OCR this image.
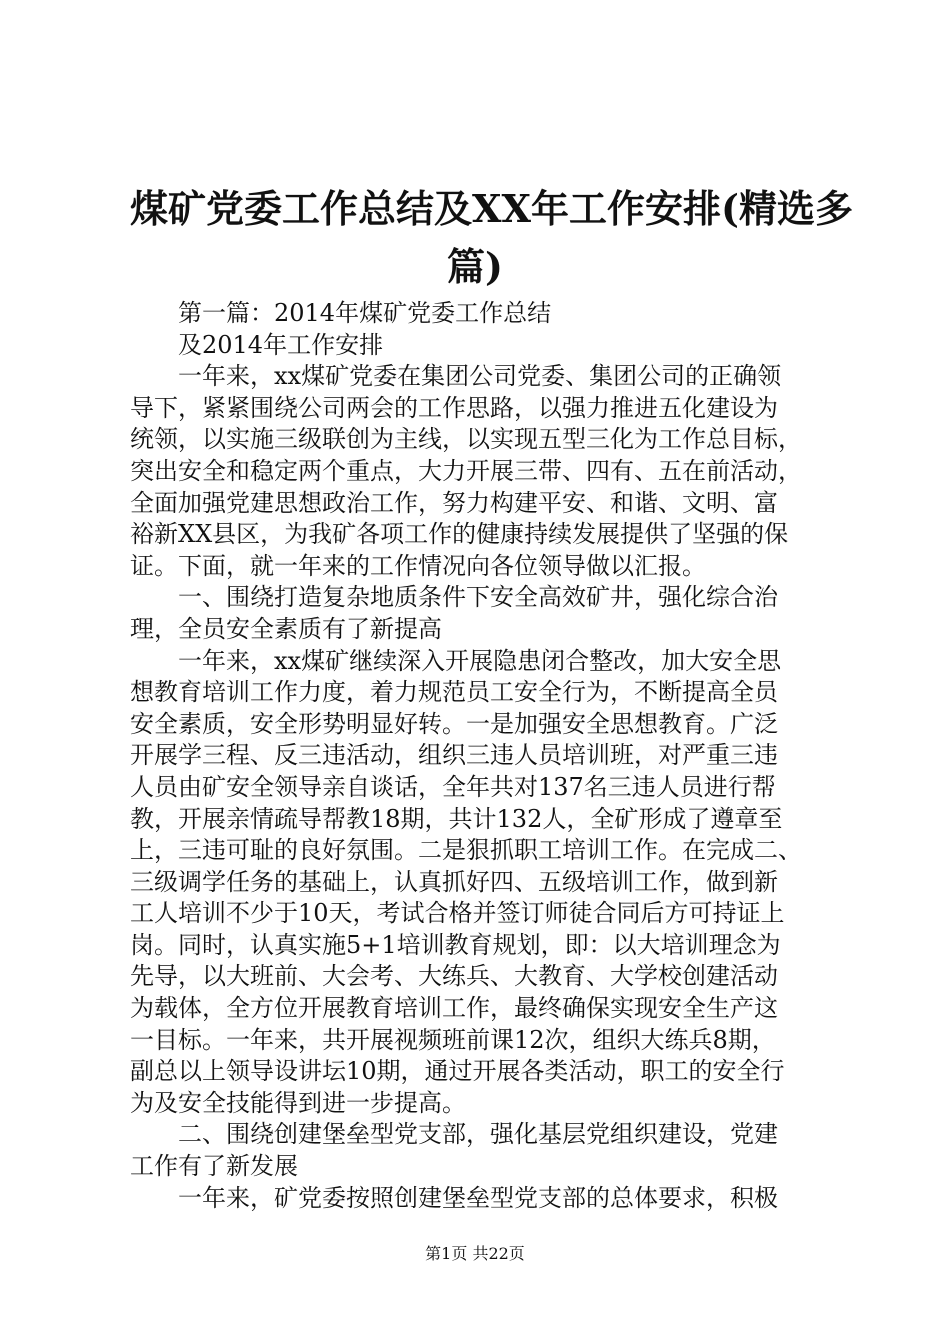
煤矿党委工作总结及XX年工作安排(精选多
篇)
第一篇：2014年煤矿党委工作总结
及2014年工作安排
一年来，xx煤矿党委在集团公司党委、集团公司的正确领
导下，紧紧围绕公司两会的工作思路，以强力推进五化建设为
统领，以实施三级联创为主线，以实现五型三化为工作总目标，
突出安全和稳定两个重点，大力开展三带、四有、五在前活动，
全面加强党建思想政治工作，努力构建平安、和谐、文明、富
裕新XX县区，为我矿各项工作的健康持续发展提供了坚强的保
证。下面，就一年来的工作情况向各位领导做以汇报。
一、围绕打造复杂地质条件下安全高效矿井，强化综合治
理，全员安全素质有了新提高
一年来，xx煤矿继续深入开展隐患闭合整改，加大安全思
想教育培训工作力度，着力规范员工安全行为，不断提高全员
安全素质，安全形势明显好转。一是加强安全思想教育。广泛
开展学三程、反三违活动，组织三违人员培训班，对严重三违
人员由矿安全领导亲自谈话，全年共对137名三违人员进行帮
教，开展亲情疏导帮教18期，共计132人，全矿形成了遵章至
上，三违可耻的良好氛围。二是狠抓职工培训工作。在完成二、
三级调学任务的基础上，认真抓好四、五级培训工作，做到新
工人培训不少于10天，考试合格并签订师徒合同后方可持证上
岗。同时，认真实施5+1培训教育规划，即：以大培训理念为
先导，以大班前、大会考、大练兵、大教育、大学校创建活动
为载体，全方位开展教育培训工作，最终确保实现安全生产这
一目标。一年来，共开展视频班前课12次，组织大练兵8期，
副总以上领导设讲坛10期，通过开展各类活动，职工的安全行
为及安全技能得到进一步提高。
二、围绕创建堡垒型党支部，强化基层党组织建设，党建
工作有了新发展
一年来，矿党委按照创建堡垒型党支部的总体要求，积极
第1页 共22页
